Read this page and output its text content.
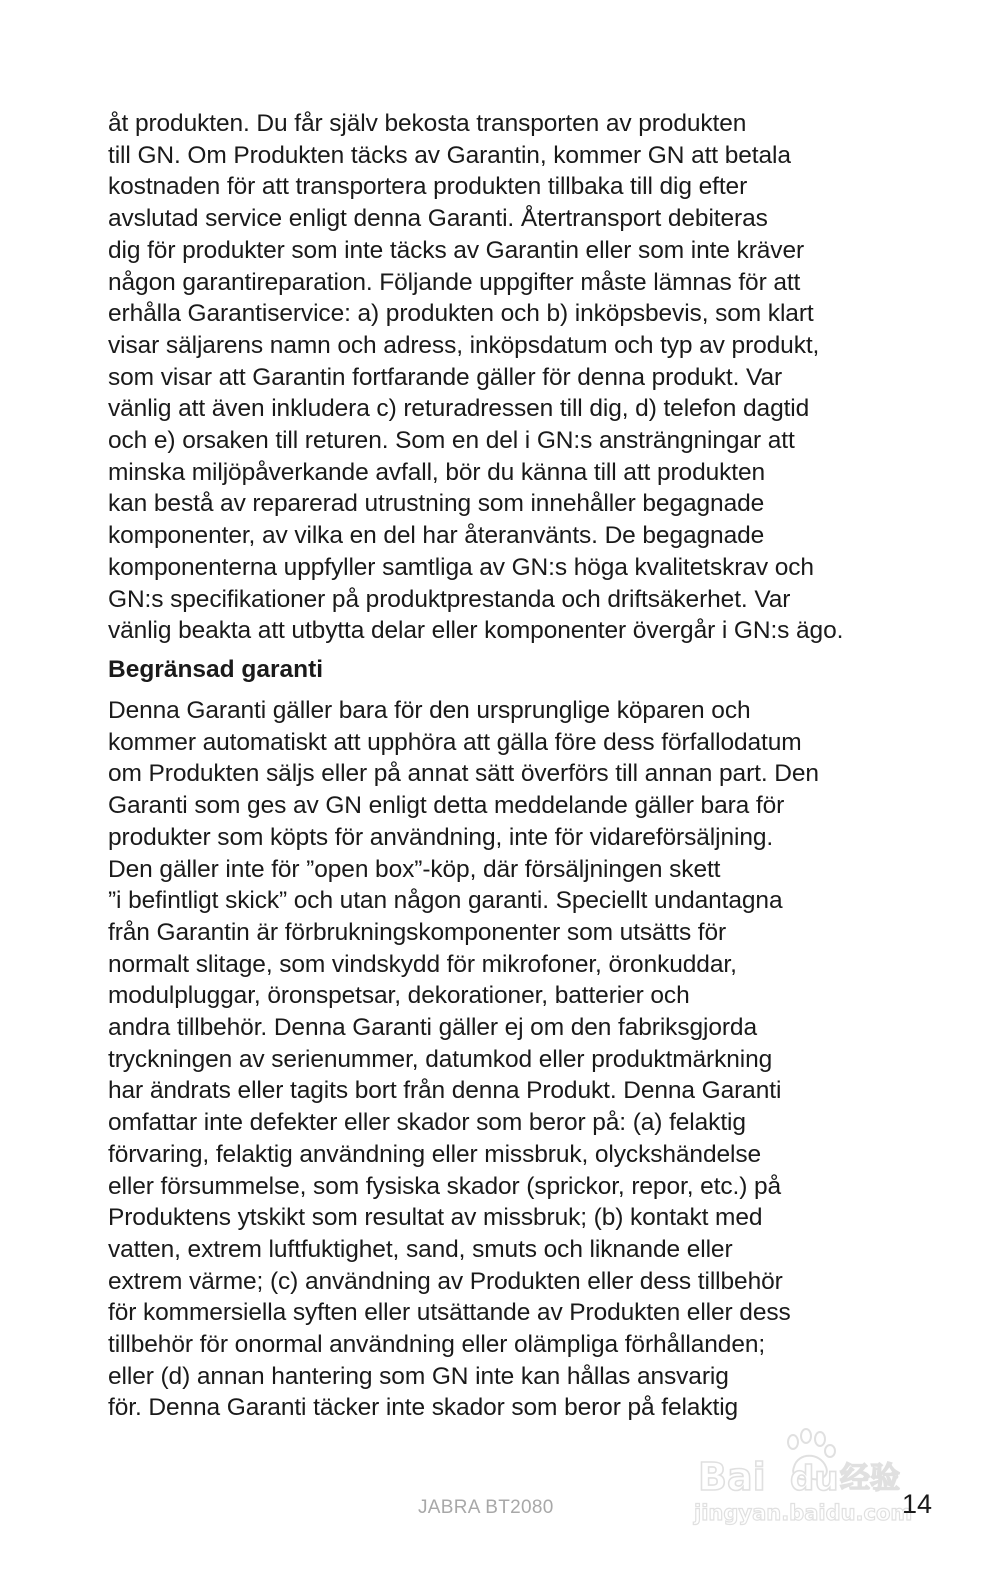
åt produkten. Du får själv bekosta transporten av produkten
till GN. Om Produkten täcks av Garantin, kommer GN att betala
kostnaden för att transportera produkten tillbaka till dig efter
avslutad service enligt denna Garanti. Återtransport debiteras
dig för produkter som inte täcks av Garantin eller som inte kräver
någon garantireparation. Följande uppgifter måste lämnas för att
erhålla Garantiservice: a) produkten och b) inköpsbevis, som klart
visar säljarens namn och adress, inköpsdatum och typ av produkt,
som visar att Garantin fortfarande gäller för denna produkt. Var
vänlig att även inkludera c) returadressen till dig, d) telefon dagtid
och e) orsaken till returen. Som en del i GN:s ansträngningar att
minska miljöpåverkande avfall, bör du känna till att produkten
kan bestå av reparerad utrustning som innehåller begagnade
komponenter, av vilka en del har återanvänts. De begagnade
komponenterna uppfyller samtliga av GN:s höga kvalitetskrav och
GN:s specifikationer på produktprestanda och driftsäkerhet. Var
vänlig beakta att utbytta delar eller komponenter övergår i GN:s ägo.
Begränsad garanti
Denna Garanti gäller bara för den ursprunglige köparen och
kommer automatiskt att upphöra att gälla före dess förfallodatum
om Produkten säljs eller på annat sätt överförs till annan part. Den
Garanti som ges av GN enligt detta meddelande gäller bara för
produkter som köpts för användning, inte för vidareförsäljning.
Den gäller inte för ”open box”-köp, där försäljningen skett
”i befintligt skick” och utan någon garanti. Speciellt undantagna
från Garantin är förbrukningskomponenter som utsätts för
normalt slitage, som vindskydd för mikrofoner, öronkuddar,
modulpluggar, öronspetsar, dekorationer, batterier och
andra tillbehör. Denna Garanti gäller ej om den fabriksgjorda
tryckningen av serienummer, datumkod eller produktmärkning
har ändrats eller tagits bort från denna Produkt. Denna Garanti
omfattar inte defekter eller skador som beror på: (a) felaktig
förvaring, felaktig användning eller missbruk, olyckshändelse
eller försummelse, som fysiska skador (sprickor, repor, etc.) på
Produktens ytskikt som resultat av missbruk; (b) kontakt med
vatten, extrem luftfuktighet, sand, smuts och liknande eller
extrem värme; (c) användning av Produkten eller dess tillbehör
för kommersiella syften eller utsättande av Produkten eller dess
tillbehör för onormal användning eller olämpliga förhållanden;
eller (d) annan hantering som GN inte kan hållas ansvarig
för. Denna Garanti täcker inte skador som beror på felaktig
Bai du 经验
jingyan.baidu.com
JABRA BT2080	14
